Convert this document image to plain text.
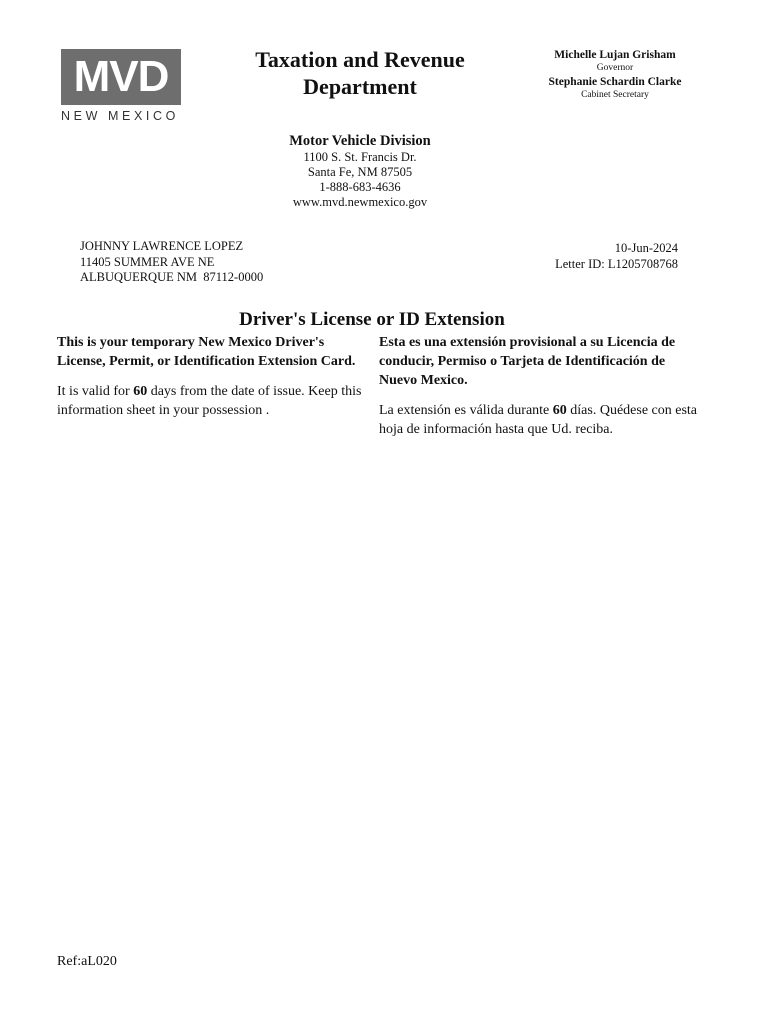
MVD
NEW MEXICO
Taxation and Revenue
Department
Michelle Lujan Grisham
Governor
Stephanie Schardin Clarke
Cabinet Secretary
Motor Vehicle Division
1100 S. St. Francis Dr.
Santa Fe, NM 87505
1-888-683-4636
www.mvd.newmexico.gov
JOHNNY LAWRENCE LOPEZ
11405 SUMMER AVE NE
ALBUQUERQUE NM  87112-0000
10-Jun-2024
Letter ID: L1205708768
Driver's License or ID Extension

This is your temporary New Mexico Driver's License, Permit, or Identification Extension Card.

It is valid for 60 days from the date of issue. Keep this information sheet in your possession .

Esta es una extensión provisional a su Licencia de conducir, Permiso o Tarjeta de Identificación de Nuevo Mexico.

La extensión es válida durante 60 días. Quédese con esta hoja de información hasta que Ud. reciba.

Ref:aL020
